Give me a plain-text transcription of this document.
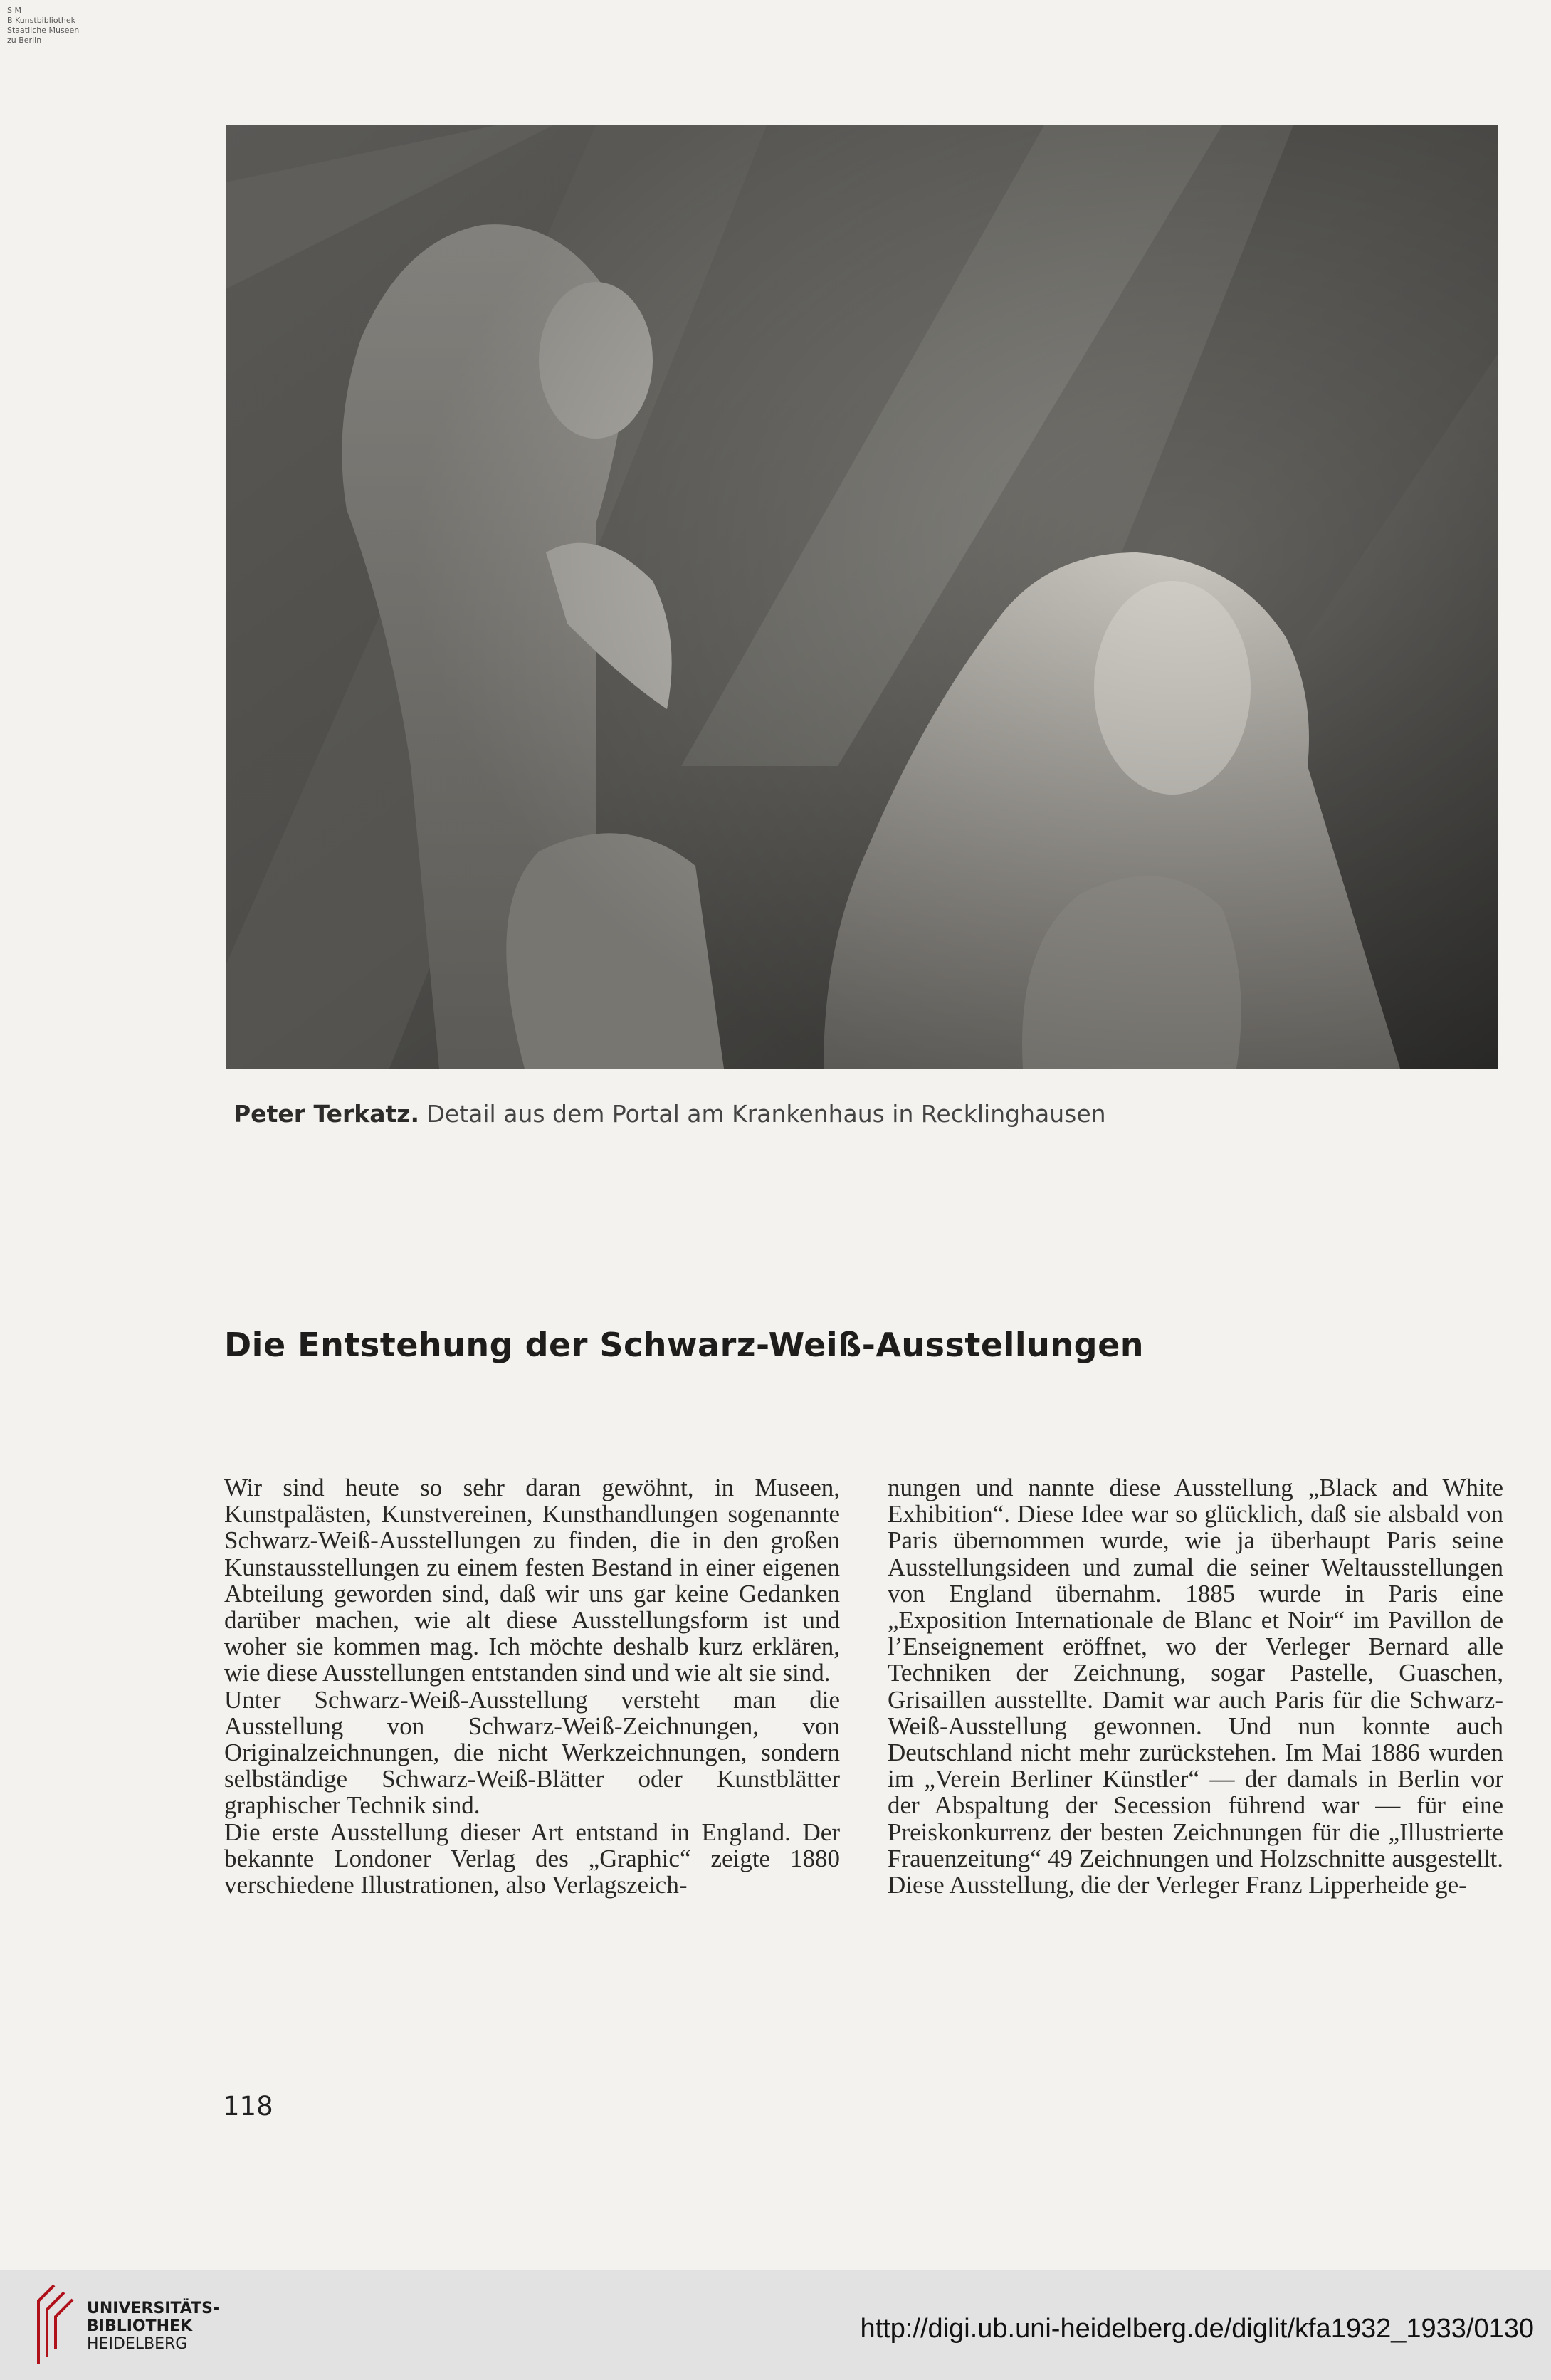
S M
B Kunstbibliothek
Staatliche Museen
zu Berlin
Peter Terkatz. Detail aus dem Portal am Krankenhaus in Recklinghausen
Die Entstehung der Schwarz-Weiß-Ausstellungen

Wir sind heute so sehr daran gewöhnt, in Museen, Kunstpalästen, Kunstvereinen, Kunsthandlungen sogenannte Schwarz-Weiß-Ausstellungen zu finden, die in den großen Kunstausstellungen zu einem festen Bestand in einer eigenen Abteilung geworden sind, daß wir uns gar keine Gedanken darüber machen, wie alt diese Ausstellungsform ist und woher sie kommen mag. Ich möchte deshalb kurz erklären, wie diese Ausstellungen entstanden sind und wie alt sie sind.

Unter Schwarz-Weiß-Ausstellung versteht man die Ausstellung von Schwarz-Weiß-Zeichnungen, von Originalzeichnungen, die nicht Werkzeichnungen, sondern selbständige Schwarz-Weiß-Blätter oder Kunstblätter graphischer Technik sind.

Die erste Ausstellung dieser Art entstand in England. Der bekannte Londoner Verlag des „Graphic“ zeigte 1880 verschiedene Illustrationen, also Verlagszeich-

nungen und nannte diese Ausstellung „Black and White Exhibition“. Diese Idee war so glücklich, daß sie alsbald von Paris übernommen wurde, wie ja überhaupt Paris seine Ausstellungsideen und zumal die seiner Weltausstellungen von England übernahm. 1885 wurde in Paris eine „Exposition Internationale de Blanc et Noir“ im Pavillon de l’Enseignement eröffnet, wo der Verleger Bernard alle Techniken der Zeichnung, sogar Pastelle, Guaschen, Grisaillen ausstellte. Damit war auch Paris für die Schwarz-Weiß-Ausstellung gewonnen. Und nun konnte auch Deutschland nicht mehr zurückstehen. Im Mai 1886 wurden im „Verein Berliner Künstler“ — der damals in Berlin vor der Abspaltung der Secession führend war — für eine Preiskonkurrenz der besten Zeichnungen für die „Illustrierte Frauenzeitung“ 49 Zeichnungen und Holzschnitte ausgestellt. Diese Ausstellung, die der Verleger Franz Lipperheide ge-

118
UNIVERSITÄTS-
BIBLIOTHEK
HEIDELBERG
http://digi.ub.uni-heidelberg.de/diglit/kfa1932_1933/0130
